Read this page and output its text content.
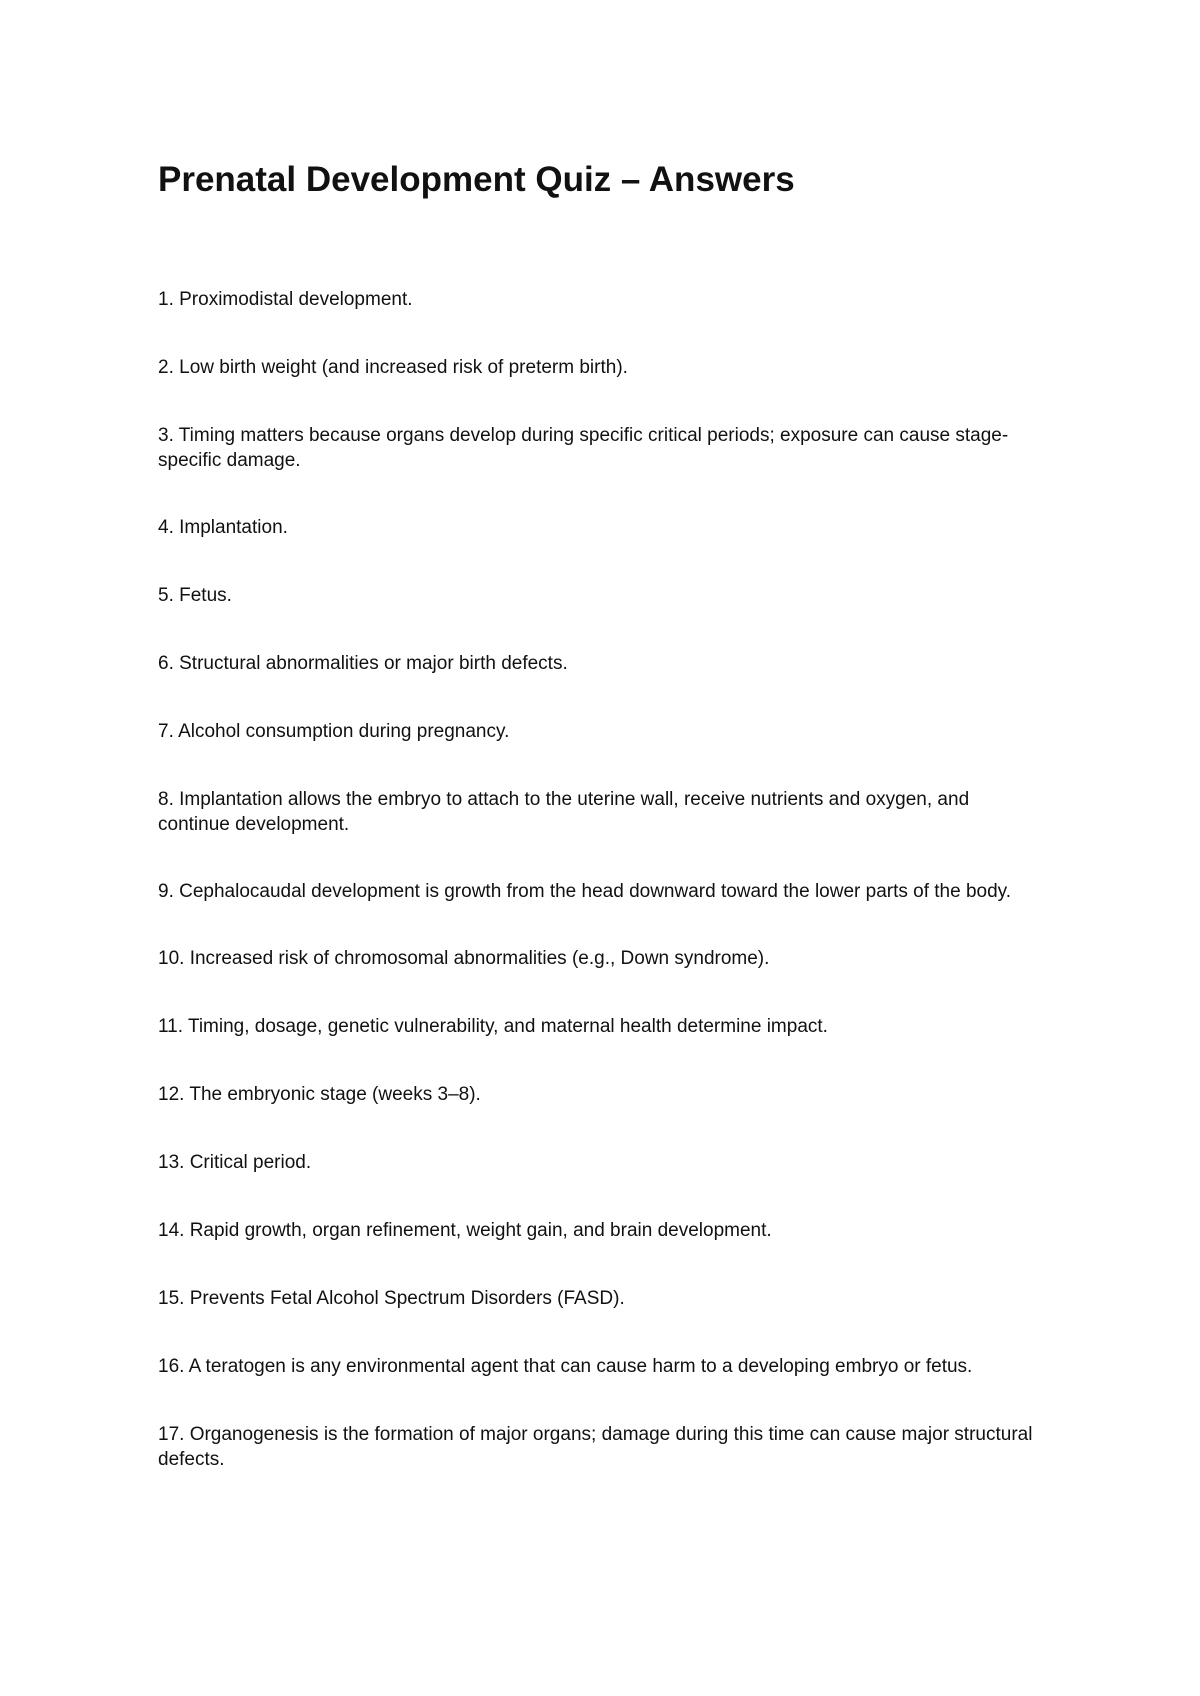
Prenatal Development Quiz – Answers
1. Proximodistal development.
2. Low birth weight (and increased risk of preterm birth).
3. Timing matters because organs develop during specific critical periods; exposure can cause stage-specific damage.
4. Implantation.
5. Fetus.
6. Structural abnormalities or major birth defects.
7. Alcohol consumption during pregnancy.
8. Implantation allows the embryo to attach to the uterine wall, receive nutrients and oxygen, and continue development.
9. Cephalocaudal development is growth from the head downward toward the lower parts of the body.
10. Increased risk of chromosomal abnormalities (e.g., Down syndrome).
11. Timing, dosage, genetic vulnerability, and maternal health determine impact.
12. The embryonic stage (weeks 3–8).
13. Critical period.
14. Rapid growth, organ refinement, weight gain, and brain development.
15. Prevents Fetal Alcohol Spectrum Disorders (FASD).
16. A teratogen is any environmental agent that can cause harm to a developing embryo or fetus.
17. Organogenesis is the formation of major organs; damage during this time can cause major structural defects.
